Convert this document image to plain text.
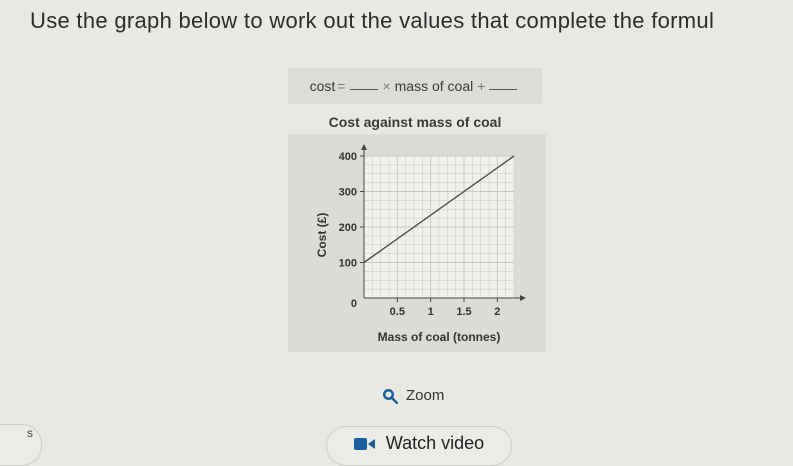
Use the graph below to work out the values that complete the formul
cost =	× mass of coal +
Cost against mass of coal
100
200
300
400
0.5 1 1.5 2
0
Mass of coal (tonnes)
Cost (£)
Zoom
s	Watch video
